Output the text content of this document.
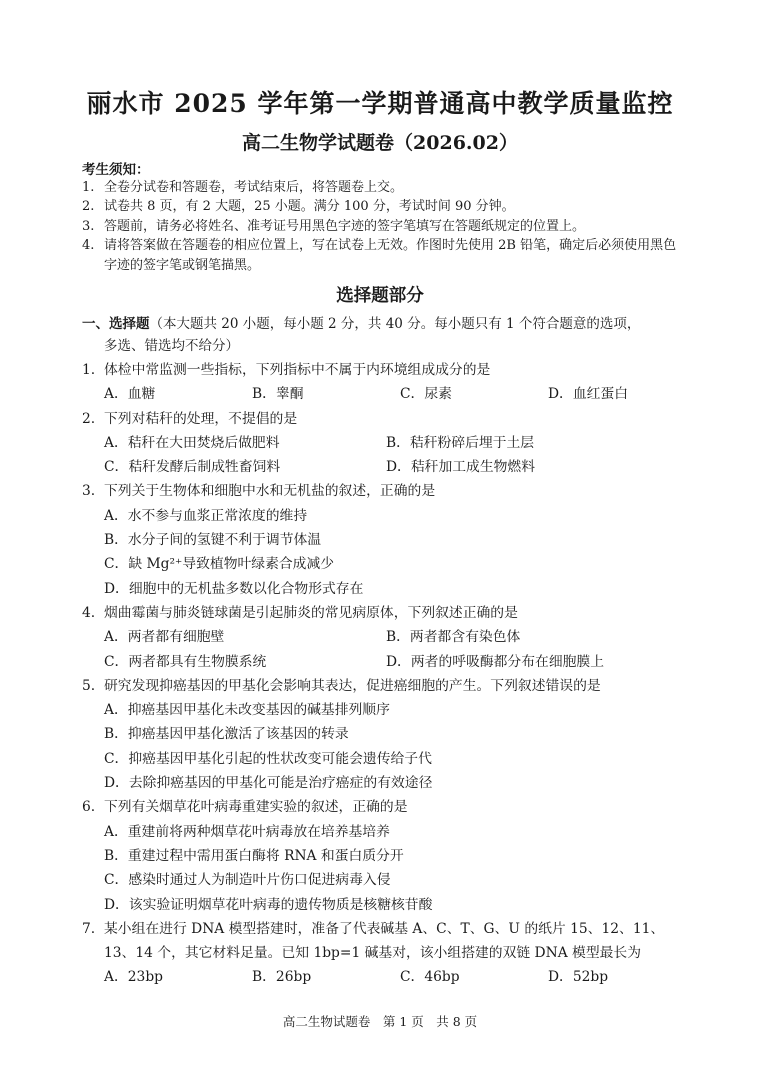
丽水市 2025 学年第一学期普通高中教学质量监控
高二生物学试题卷（2026.02）
考生须知：
1. 全卷分试卷和答题卷，考试结束后，将答题卷上交。
2. 试卷共 8 页，有 2 大题，25 小题。满分 100 分，考试时间 90 分钟。
3. 答题前，请务必将姓名、准考证号用黑色字迹的签字笔填写在答题纸规定的位置上。
4. 请将答案做在答题卷的相应位置上，写在试卷上无效。作图时先使用 2B 铅笔，确定后必须使用黑色字迹的签字笔或钢笔描黑。
选择题部分
一、选择题（本大题共 20 小题，每小题 2 分，共 40 分。每小题只有 1 个符合题意的选项，
多选、错选均不给分）
1. 体检中常监测一些指标，下列指标中不属于内环境组成成分的是
A．血糖	B．睾酮	C．尿素	D．血红蛋白
2. 下列对秸秆的处理，不提倡的是
A．秸秆在大田焚烧后做肥料	B．秸秆粉碎后埋于土层
C．秸秆发酵后制成牲畜饲料	D．秸秆加工成生物燃料
3. 下列关于生物体和细胞中水和无机盐的叙述，正确的是
A．水不参与血浆正常浓度的维持
B．水分子间的氢键不利于调节体温
C．缺 Mg²⁺导致植物叶绿素合成减少
D．细胞中的无机盐多数以化合物形式存在
4. 烟曲霉菌与肺炎链球菌是引起肺炎的常见病原体，下列叙述正确的是
A．两者都有细胞壁	B．两者都含有染色体
C．两者都具有生物膜系统	D．两者的呼吸酶都分布在细胞膜上
5. 研究发现抑癌基因的甲基化会影响其表达，促进癌细胞的产生。下列叙述错误的是
A．抑癌基因甲基化未改变基因的碱基排列顺序
B．抑癌基因甲基化激活了该基因的转录
C．抑癌基因甲基化引起的性状改变可能会遗传给子代
D．去除抑癌基因的甲基化可能是治疗癌症的有效途径
6. 下列有关烟草花叶病毒重建实验的叙述，正确的是
A．重建前将两种烟草花叶病毒放在培养基培养
B．重建过程中需用蛋白酶将 RNA 和蛋白质分开
C．感染时通过人为制造叶片伤口促进病毒入侵
D．该实验证明烟草花叶病毒的遗传物质是核糖核苷酸
7. 某小组在进行 DNA 模型搭建时，准备了代表碱基 A、C、T、G、U 的纸片 15、12、11、13、14 个，其它材料足量。已知 1bp=1 碱基对，该小组搭建的双链 DNA 模型最长为
A．23bp	B．26bp	C．46bp	D．52bp
高二生物试题卷　第 1 页　共 8 页
